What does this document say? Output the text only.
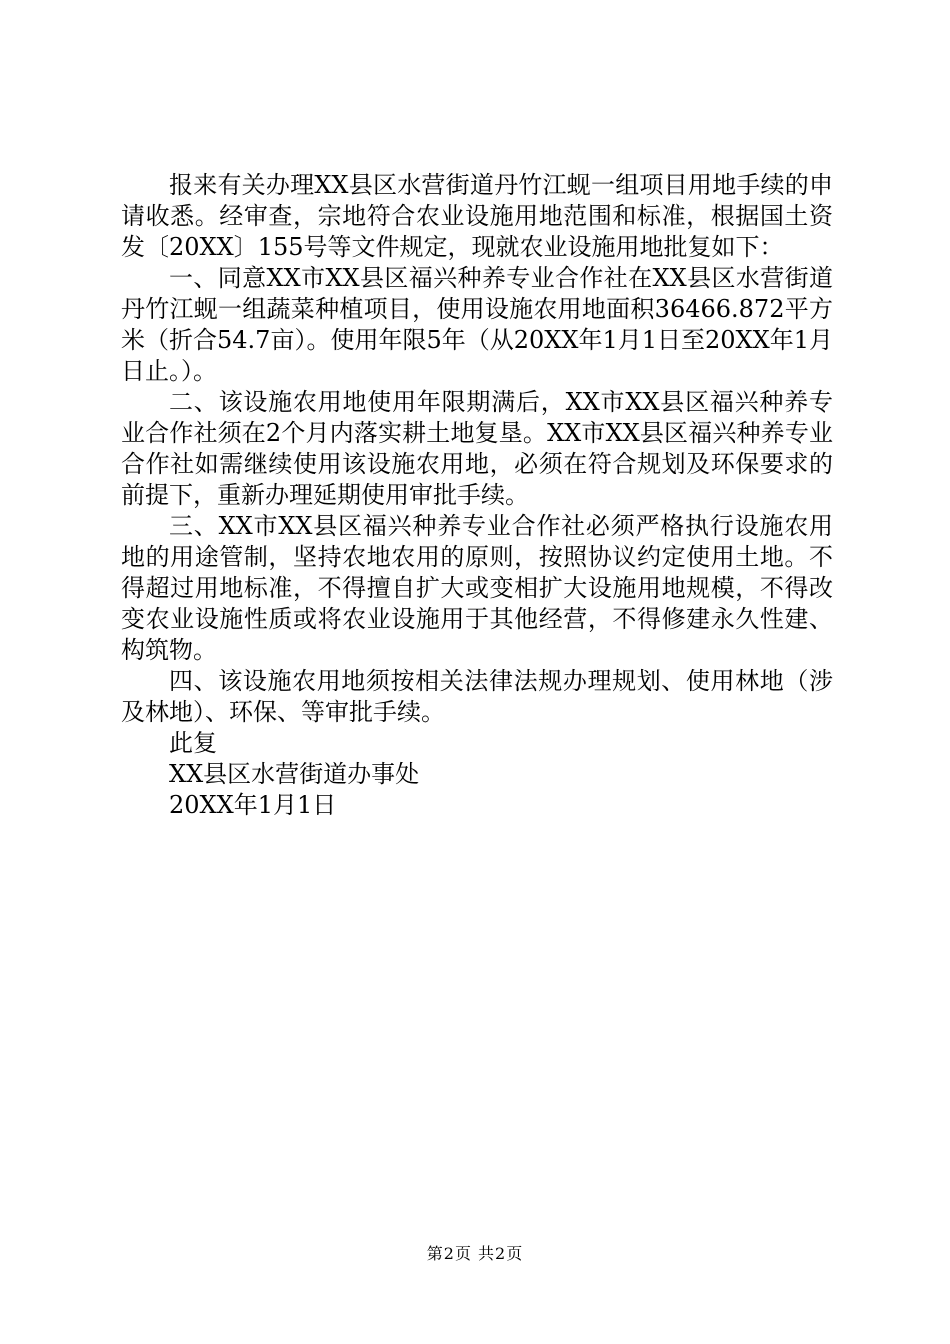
报来有关办理XX县区水营街道丹竹江蚬一组项目用地手续的申请收悉。经审查，宗地符合农业设施用地范围和标准，根据国土资发〔20XX〕155号等文件规定，现就农业设施用地批复如下：

一、同意XX市XX县区福兴种养专业合作社在XX县区水营街道丹竹江蚬一组蔬菜种植项目，使用设施农用地面积36466.872平方米（折合54.7亩）。使用年限5年（从20XX年1月1日至20XX年1月日止。）。

二、该设施农用地使用年限期满后，XX市XX县区福兴种养专业合作社须在2个月内落实耕土地复垦。XX市XX县区福兴种养专业合作社如需继续使用该设施农用地，必须在符合规划及环保要求的前提下，重新办理延期使用审批手续。

三、XX市XX县区福兴种养专业合作社必须严格执行设施农用地的用途管制，坚持农地农用的原则，按照协议约定使用土地。不得超过用地标准，不得擅自扩大或变相扩大设施用地规模，不得改变农业设施性质或将农业设施用于其他经营，不得修建永久性建、构筑物。

四、该设施农用地须按相关法律法规办理规划、使用林地（涉及林地）、环保、等审批手续。

此复

XX县区水营街道办事处

20XX年1月1日

第2页 共2页
